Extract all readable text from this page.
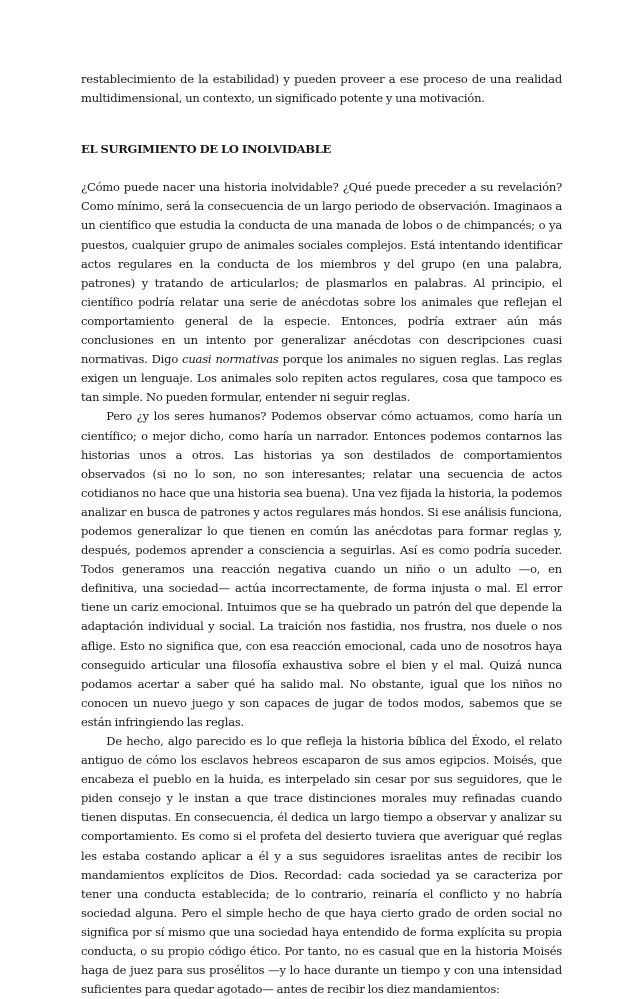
restablecimiento de la estabilidad) y pueden proveer a ese proceso de una realidad multidimensional, un contexto, un significado potente y una motivación.

EL SURGIMIENTO DE LO INOLVIDABLE

¿Cómo puede nacer una historia inolvidable? ¿Qué puede preceder a su revelación? Como mínimo, será la consecuencia de un largo periodo de observación. Imaginaos a un científico que estudia la conducta de una manada de lobos o de chimpancés; o ya puestos, cualquier grupo de animales sociales complejos. Está intentando identificar actos regulares en la conducta de los miembros y del grupo (en una palabra, patrones) y tratando de articularlos; de plasmarlos en palabras. Al principio, el científico podría relatar una serie de anécdotas sobre los animales que reflejan el comportamiento general de la especie. Entonces, podría extraer aún más conclusiones en un intento por generalizar anécdotas con descripciones cuasi normativas. Digo cuasi normativas porque los animales no siguen reglas. Las reglas exigen un lenguaje. Los animales solo repiten actos regulares, cosa que tampoco es tan simple. No pueden formular, entender ni seguir reglas.

Pero ¿y los seres humanos? Podemos observar cómo actuamos, como haría un científico; o mejor dicho, como haría un narrador. Entonces podemos contarnos las historias unos a otros. Las historias ya son destilados de comportamientos observados (si no lo son, no son interesantes; relatar una secuencia de actos cotidianos no hace que una historia sea buena). Una vez fijada la historia, la podemos analizar en busca de patrones y actos regulares más hondos. Si ese análisis funciona, podemos generalizar lo que tienen en común las anécdotas para formar reglas y, después, podemos aprender a consciencia a seguirlas. Así es como podría suceder. Todos generamos una reacción negativa cuando un niño o un adulto —o, en definitiva, una sociedad— actúa incorrectamente, de forma injusta o mal. El error tiene un cariz emocional. Intuimos que se ha quebrado un patrón del que depende la adaptación individual y social. La traición nos fastidia, nos frustra, nos duele o nos aflige. Esto no significa que, con esa reacción emocional, cada uno de nosotros haya conseguido articular una filosofía exhaustiva sobre el bien y el mal. Quizá nunca podamos acertar a saber qué ha salido mal. No obstante, igual que los niños no conocen un nuevo juego y son capaces de jugar de todos modos, sabemos que se están infringiendo las reglas.

De hecho, algo parecido es lo que refleja la historia bíblica del Éxodo, el relato antiguo de cómo los esclavos hebreos escaparon de sus amos egipcios. Moisés, que encabeza el pueblo en la huida, es interpelado sin cesar por sus seguidores, que le piden consejo y le instan a que trace distinciones morales muy refinadas cuando tienen disputas. En consecuencia, él dedica un largo tiempo a observar y analizar su comportamiento. Es como si el profeta del desierto tuviera que averiguar qué reglas les estaba costando aplicar a él y a sus seguidores israelitas antes de recibir los mandamientos explícitos de Dios. Recordad: cada sociedad ya se caracteriza por tener una conducta establecida; de lo contrario, reinaría el conflicto y no habría sociedad alguna. Pero el simple hecho de que haya cierto grado de orden social no significa por sí mismo que una sociedad haya entendido de forma explícita su propia conducta, o su propio código ético. Por tanto, no es casual que en la historia Moisés haga de juez para sus prosélitos —y lo hace durante un tiempo y con una intensidad suficientes para quedar agotado— antes de recibir los diez mandamientos:
